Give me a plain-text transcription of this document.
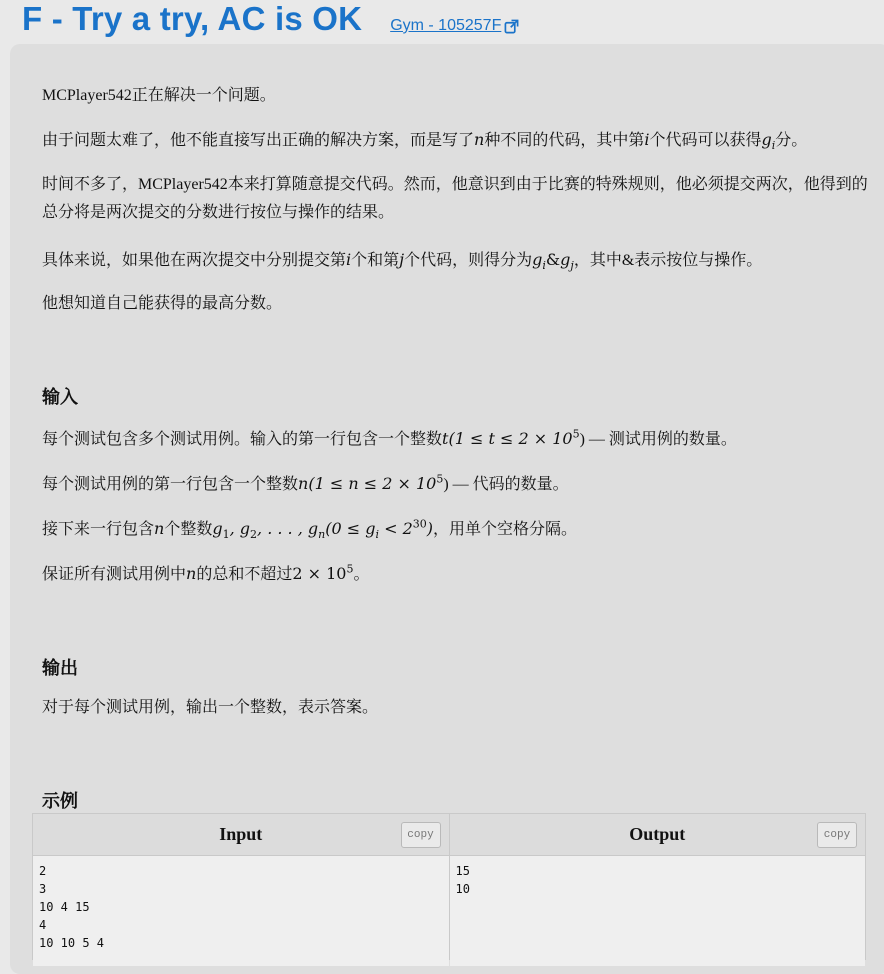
F - Try a try, AC is OK Gym - 105257F

MCPlayer542正在解决一个问题。

由于问题太难了，他不能直接写出正确的解决方案，而是写了n种不同的代码，其中第i个代码可以获得$g_i$分。

时间不多了，MCPlayer542本来打算随意提交代码。然而，他意识到由于比赛的特殊规则，他必须提交两次，他得到的总分将是两次提交的分数进行按位与操作的结果。

具体来说，如果他在两次提交中分别提交第i个和第j个代码，则得分为$g_i\&g_j$，其中&表示按位与操作。

他想知道自己能获得的最高分数。

输入

每个测试包含多个测试用例。输入的第一行包含一个整数$t(1 \le t \le 2 \times 10^5)$ — 测试用例的数量。

每个测试用例的第一行包含一个整数$n(1 \le n \le 2 \times 10^5)$ — 代码的数量。

接下来一行包含n个整数$g_1$, $g_2$, . . . , $g_n(0 \le g_i < 2^{30})$，用单个空格分隔。

保证所有测试用例中n的总和不超过$2 \times 10^5$。

输出

对于每个测试用例，输出一个整数，表示答案。

示例
Input	copy
2
3
10 4 15
4
10 10 5 4
Output	copy
15
10
